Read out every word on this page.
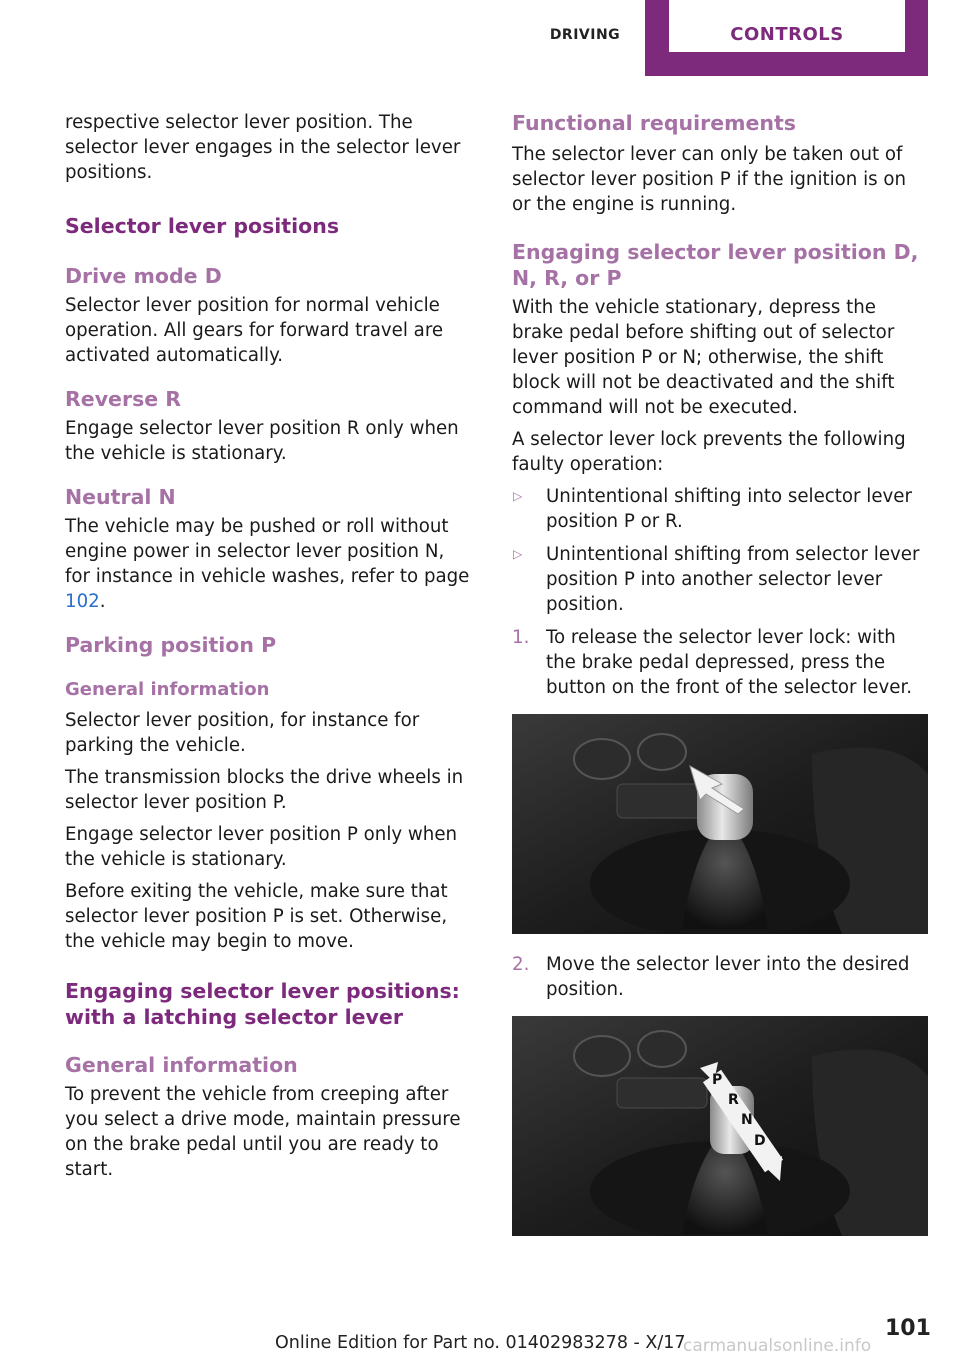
DRIVING	CONTROLS

respective selector lever position. The selector lever engages in the selector lever positions.

Selector lever positions
Drive mode D

Selector lever position for normal vehicle operation. All gears for forward travel are activated automatically.

Reverse R

Engage selector lever position R only when the vehicle is stationary.

Neutral N

The vehicle may be pushed or roll without engine power in selector lever position N, for instance in vehicle washes, refer to page 102.

Parking position P
General information

Selector lever position, for instance for parking the vehicle.

The transmission blocks the drive wheels in selector lever position P.

Engage selector lever position P only when the vehicle is stationary.

Before exiting the vehicle, make sure that selector lever position P is set. Otherwise, the vehicle may begin to move.

Engaging selector lever positions: with a latching selector lever
General information

To prevent the vehicle from creeping after you select a drive mode, maintain pressure on the brake pedal until you are ready to start.

Functional requirements

The selector lever can only be taken out of selector lever position P if the ignition is on or the engine is running.

Engaging selector lever position D, N, R, or P

With the vehicle stationary, depress the brake pedal before shifting out of selector lever position P or N; otherwise, the shift block will not be deactivated and the shift command will not be executed.

A selector lever lock prevents the following faulty operation:

▷ Unintentional shifting into selector lever position P or R.
▷ Unintentional shifting from selector lever position P into another selector lever position.
1. To release the selector lever lock: with the brake pedal depressed, press the button on the front of the selector lever.
2. Move the selector lever into the desired position.
P
R
N
D
101
Online Edition for Part no. 01402983278 - X/17
carmanualsonline.info
